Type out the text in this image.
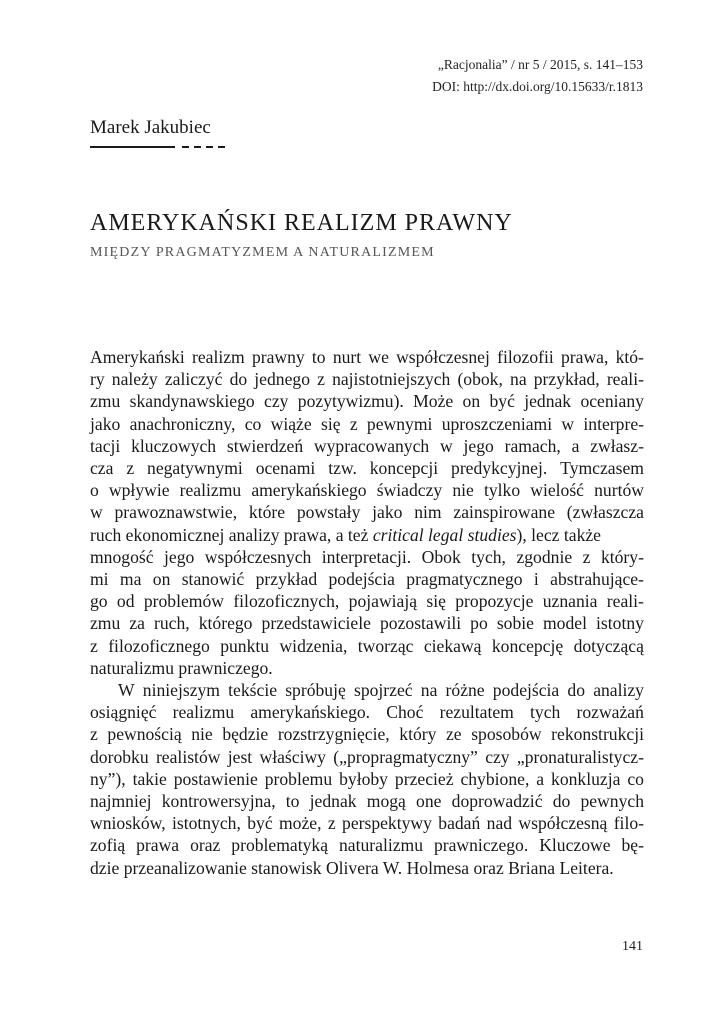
„Racjonalia” / nr 5 / 2015, s. 141–153
DOI: http://dx.doi.org/10.15633/r.1813
Marek Jakubiec
AMERYKAŃSKI REALIZM PRAWNY
MIĘDZY PRAGMATYZMEM A NATURALIZMEM
Amerykański realizm prawny to nurt we współczesnej filozofii prawa, któ-
ry należy zaliczyć do jednego z najistotniejszych (obok, na przykład, reali-
zmu skandynawskiego czy pozytywizmu). Może on być jednak oceniany
jako anachroniczny, co wiąże się z pewnymi uproszczeniami w interpre-
tacji kluczowych stwierdzeń wypracowanych w jego ramach, a zwłasz-
cza z negatywnymi ocenami tzw. koncepcji predykcyjnej. Tymczasem
o wpływie realizmu amerykańskiego świadczy nie tylko wielość nurtów
w prawoznawstwie, które powstały jako nim zainspirowane (zwłaszcza
ruch ekonomicznej analizy prawa, a też critical legal studies ), lecz także
mnogość jego współczesnych interpretacji. Obok tych, zgodnie z który-
mi ma on stanowić przykład podejścia pragmatycznego i abstrahujące-
go od problemów filozoficznych, pojawiają się propozycje uznania reali-
zmu za ruch, którego przedstawiciele pozostawili po sobie model istotny
z filozoficznego punktu widzenia, tworząc ciekawą koncepcję dotyczącą
naturalizmu prawniczego.
W niniejszym tekście spróbuję spojrzeć na różne podejścia do analizy
osiągnięć realizmu amerykańskiego. Choć rezultatem tych rozważań
z pewnością nie będzie rozstrzygnięcie, który ze sposobów rekonstrukcji
dorobku realistów jest właściwy („propragmatyczny” czy „pronaturalistycz-
ny”), takie postawienie problemu byłoby przecież chybione, a konkluzja co
najmniej kontrowersyjna, to jednak mogą one doprowadzić do pewnych
wniosków, istotnych, być może, z perspektywy badań nad współczesną filo-
zofią prawa oraz problematyką naturalizmu prawniczego. Kluczowe bę-
dzie przeanalizowanie stanowisk Olivera W. Holmesa oraz Briana Leitera.
141
